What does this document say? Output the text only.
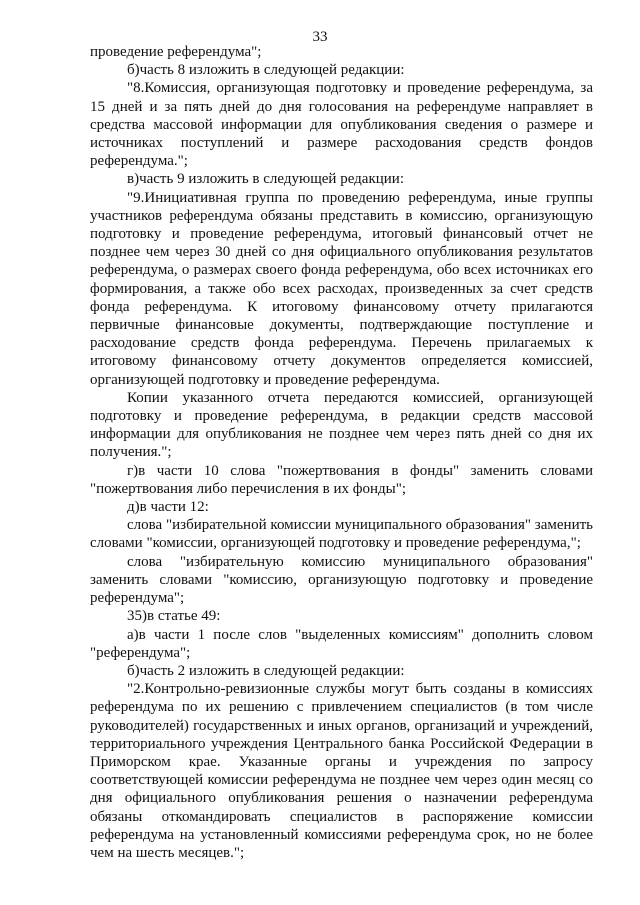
33

проведение референдума";

б)часть 8 изложить в следующей редакции:

"8.Комиссия, организующая подготовку и проведение референдума, за 15 дней и за пять дней до дня голосования на референдуме направляет в средства массовой информации для опубликования сведения о размере и источниках поступлений и размере расходования средств фондов референдума.";

в)часть 9 изложить в следующей редакции:

"9.Инициативная группа по проведению референдума, иные группы участников референдума обязаны представить в комиссию, организующую подготовку и проведение референдума, итоговый финансовый отчет не позднее чем через 30 дней со дня официального опубликования результатов референдума, о размерах своего фонда референдума, обо всех источниках его формирования, а также обо всех расходах, произведенных за счет средств фонда референдума. К итоговому финансовому отчету прилагаются первичные финансовые документы, подтверждающие поступление и расходование средств фонда референдума. Перечень прилагаемых к итоговому финансовому отчету документов определяется комиссией, организующей подготовку и проведение референдума.

Копии указанного отчета передаются комиссией, организующей подготовку и проведение референдума, в редакции средств массовой информации для опубликования не позднее чем через пять дней со дня их получения.";

г)в части 10 слова "пожертвования в фонды" заменить словами "пожертвования либо перечисления в их фонды";

д)в части 12:

слова "избирательной комиссии муниципального образования" заменить словами "комиссии, организующей подготовку и проведение референдума,";

слова "избирательную комиссию муниципального образования" заменить словами "комиссию, организующую подготовку и проведение референдума";

35)в статье 49:

а)в части 1 после слов "выделенных комиссиям" дополнить словом "референдума";

б)часть 2 изложить в следующей редакции:

"2.Контрольно-ревизионные службы могут быть созданы в комиссиях референдума по их решению с привлечением специалистов (в том числе руководителей) государственных и иных органов, организаций и учреждений, территориального учреждения Центрального банка Российской Федерации в Приморском крае. Указанные органы и учреждения по запросу соответствующей комиссии референдума не позднее чем через один месяц со дня официального опубликования решения о назначении референдума обязаны откомандировать специалистов в распоряжение комиссии референдума на установленный комиссиями референдума срок, но не более чем на шесть месяцев.";
